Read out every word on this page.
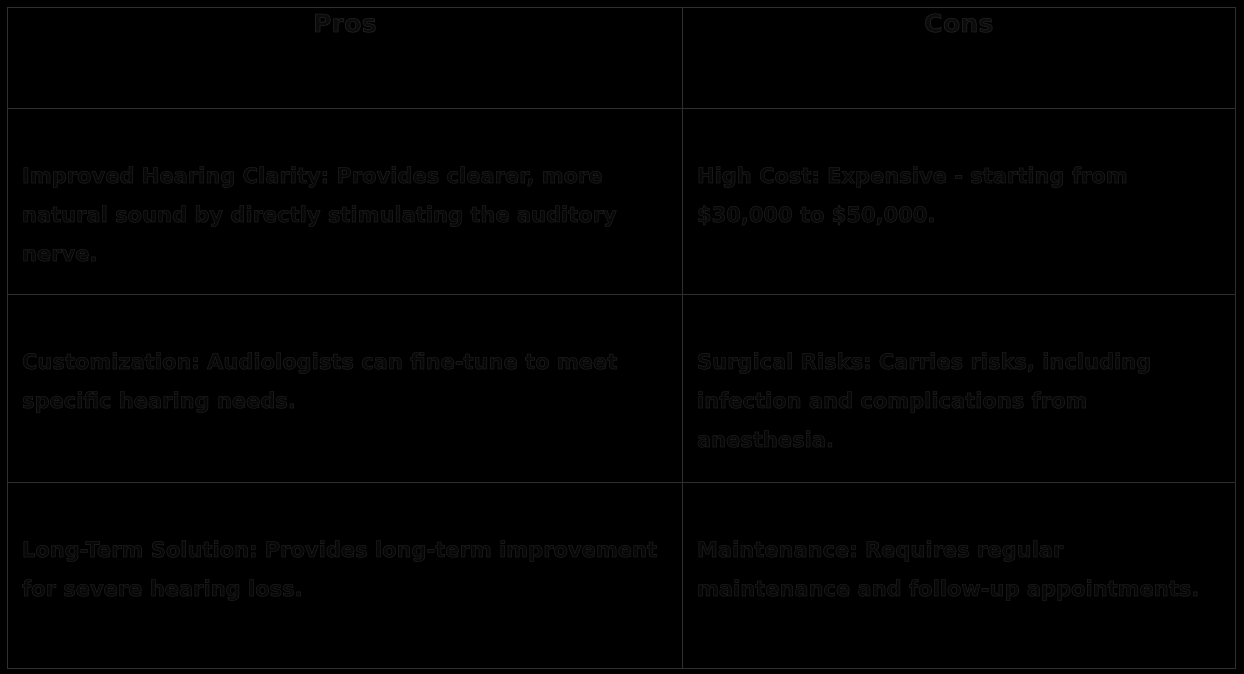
Pros	Cons
Improved Hearing Clarity: Provides clearer, more natural sound by directly stimulating the auditory nerve.	High Cost: Expensive - starting from $30,000 to $50,000.
Customization: Audiologists can fine-tune to meet specific hearing needs.	Surgical Risks: Carries risks, including infection and complications from anesthesia.
Long-Term Solution: Provides long-term improvement for severe hearing loss.	Maintenance: Requires regular maintenance and follow-up appointments.
